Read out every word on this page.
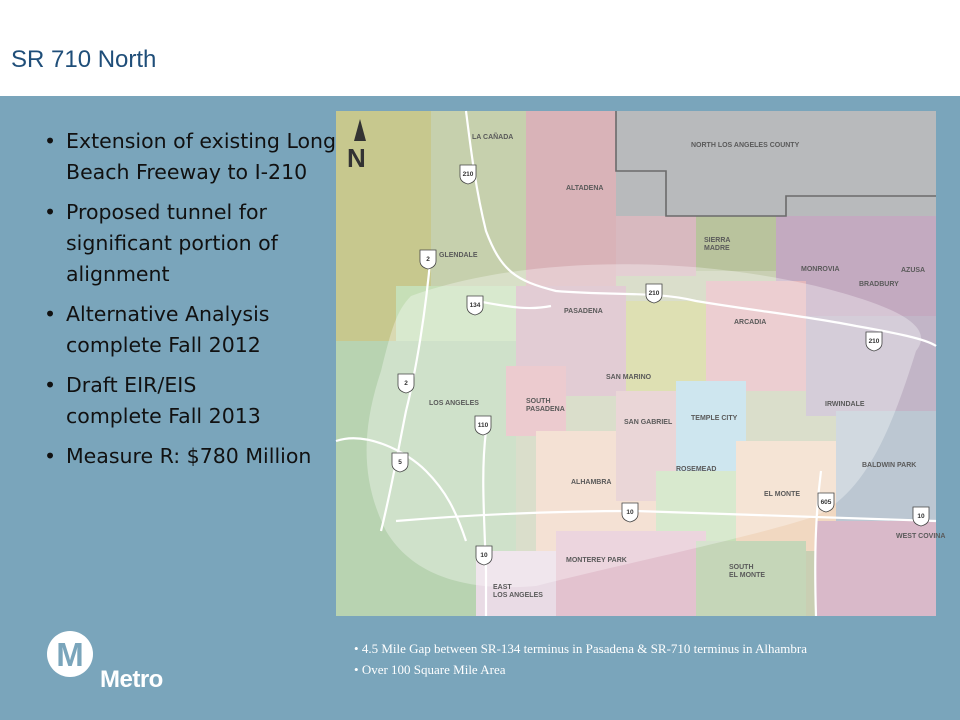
SR 710 North
• Extension of existing Long Beach Freeway to I-210
• Proposed tunnel for significant portion of alignment
• Alternative Analysis complete Fall 2012
• Draft EIR/EIS
complete Fall 2013
• Measure R: $780 Million
N
210
2
134
210
210
2
110
5
10
605
10
10
NORTH LOS ANGELES COUNTY
LA CAÑADA
ALTADENA
GLENDALE
SIERRA MADRE
MONROVIA	AZUSA
BRADBURY
PASADENA
ARCADIA
SAN MARINO
LOS ANGELES	SOUTH PASADENA
SAN GABRIEL
TEMPLE CITY
IRWINDALE
BALDWIN PARK
ALHAMBRA
ROSEMEAD
EL MONTE
MONTEREY PARK
SOUTH EL MONTE
WEST COVINA
EAST LOS ANGELES
• 4.5 Mile Gap between SR-134 terminus in Pasadena & SR-710 terminus in Alhambra
• Over 100 Square Mile Area
M
Metro
